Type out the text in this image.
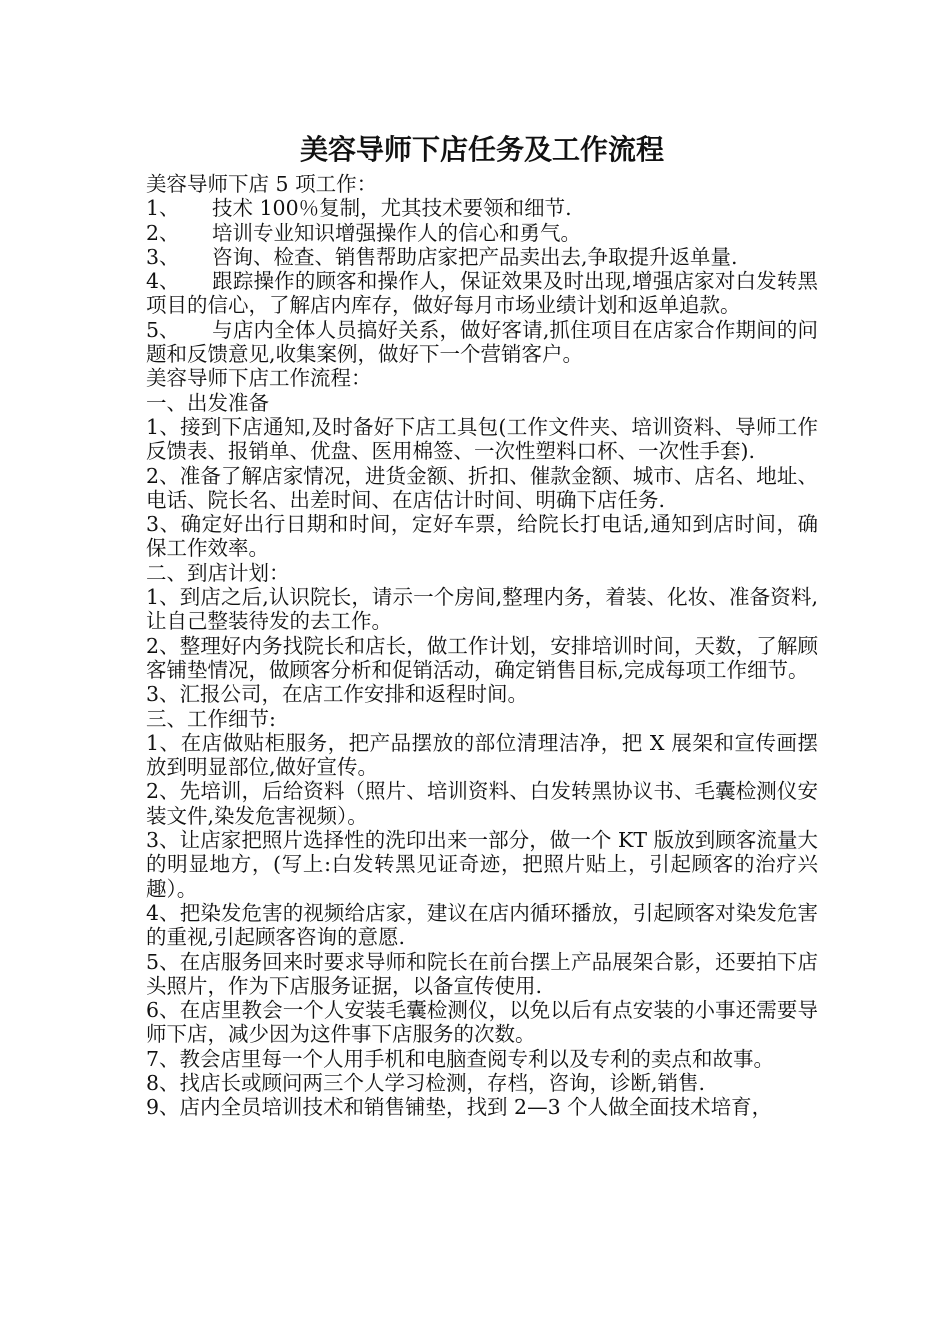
美容导师下店任务及工作流程

美容导师下店 5 项工作：

1、 技术 100％复制，尤其技术要领和细节.

2、 培训专业知识增强操作人的信心和勇气。

3、 咨询、检查、销售帮助店家把产品卖出去,争取提升返单量.

4、 跟踪操作的顾客和操作人，保证效果及时出现,增强店家对白发转黑项目的信心，了解店内库存，做好每月市场业绩计划和返单追款。

5、 与店内全体人员搞好关系，做好客请,抓住项目在店家合作期间的问题和反馈意见,收集案例，做好下一个营销客户。

美容导师下店工作流程：

一、出发准备

1、接到下店通知,及时备好下店工具包(工作文件夹、培训资料、导师工作反馈表、报销单、优盘、医用棉签、一次性塑料口杯、一次性手套).

2、准备了解店家情况，进货金额、折扣、催款金额、城市、店名、地址、电话、院长名、出差时间、在店估计时间、明确下店任务.

3、确定好出行日期和时间，定好车票，给院长打电话,通知到店时间，确保工作效率。

二、到店计划：

1、到店之后,认识院长，请示一个房间,整理内务，着装、化妆、准备资料,让自己整装待发的去工作。

2、整理好内务找院长和店长，做工作计划，安排培训时间，天数，了解顾客铺垫情况，做顾客分析和促销活动，确定销售目标,完成每项工作细节。

3、汇报公司，在店工作安排和返程时间。

三、工作细节:

1、在店做贴柜服务，把产品摆放的部位清理洁净，把 X 展架和宣传画摆放到明显部位,做好宣传。

2、先培训，后给资料（照片、培训资料、白发转黑协议书、毛囊检测仪安装文件,染发危害视频）。

3、让店家把照片选择性的洗印出来一部分，做一个 KT 版放到顾客流量大的明显地方，(写上:白发转黑见证奇迹，把照片贴上，引起顾客的治疗兴趣）。

4、把染发危害的视频给店家，建议在店内循环播放，引起顾客对染发危害的重视,引起顾客咨询的意愿.

5、在店服务回来时要求导师和院长在前台摆上产品展架合影，还要拍下店头照片，作为下店服务证据，以备宣传使用.

6、在店里教会一个人安装毛囊检测仪，以免以后有点安装的小事还需要导师下店，减少因为这件事下店服务的次数。

7、教会店里每一个人用手机和电脑查阅专利以及专利的卖点和故事。

8、找店长或顾问两三个人学习检测，存档，咨询，诊断,销售.

9、店内全员培训技术和销售铺垫，找到 2—3 个人做全面技术培育，
